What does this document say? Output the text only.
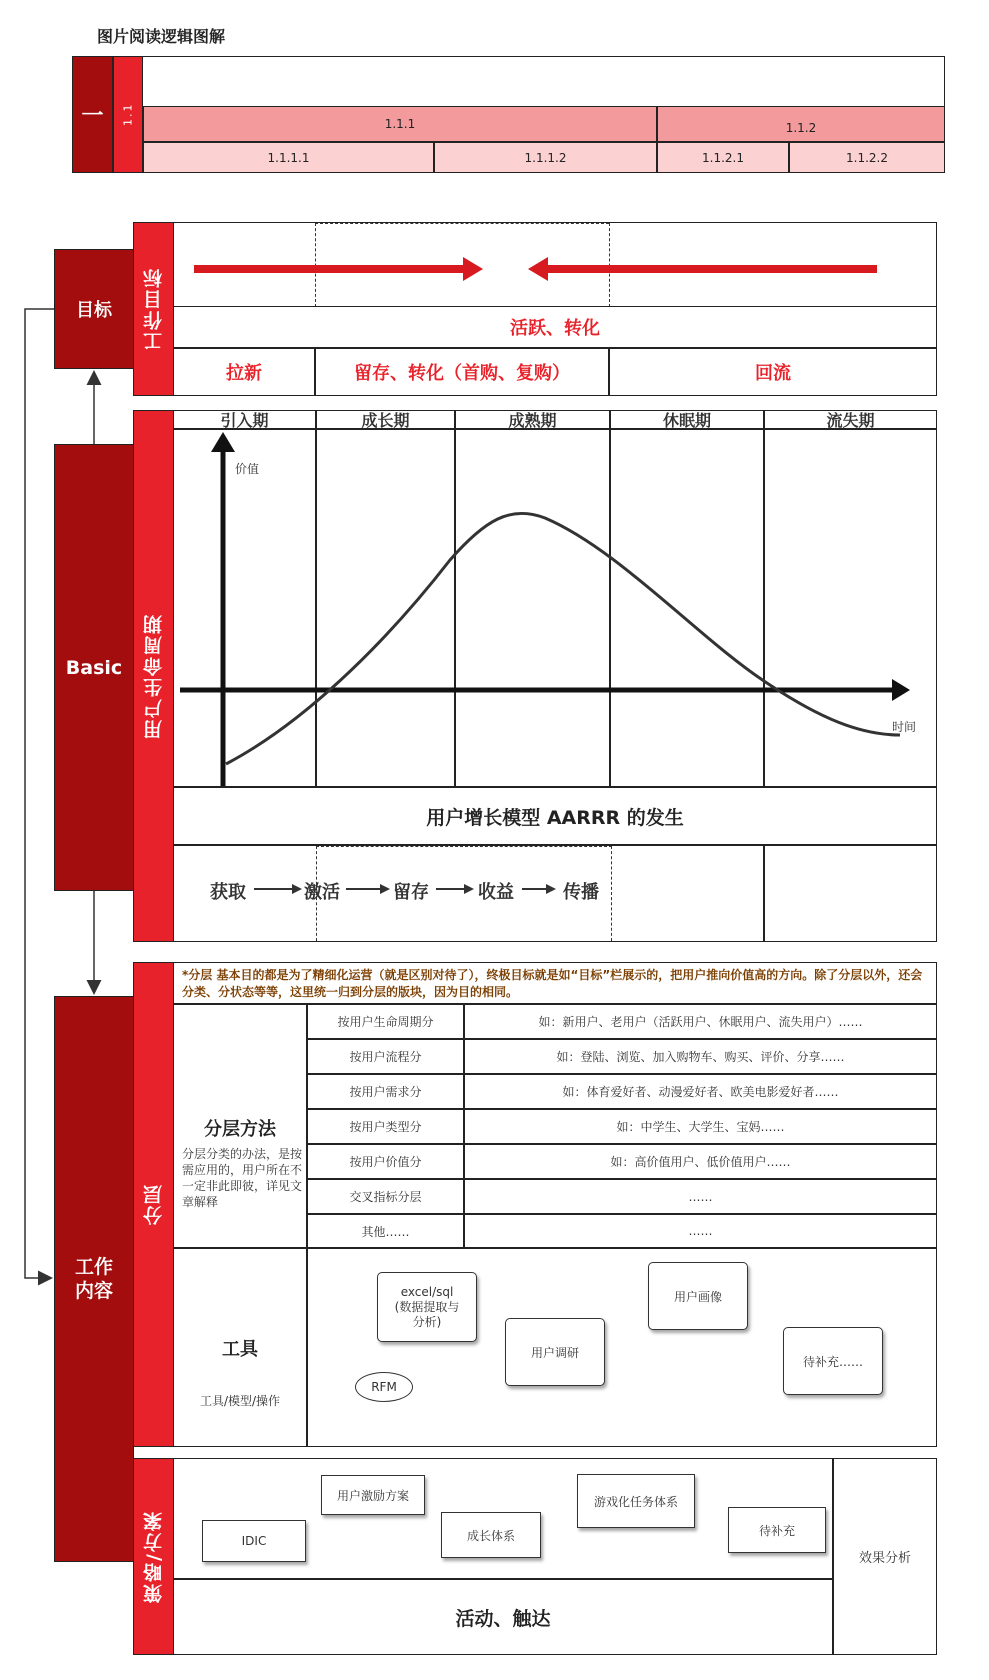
图片阅读逻辑图解
一	1.1	1.1.1	1.1.2
1.1.1.1	1.1.1.2	1.1.2.1	1.1.2.2
目标
Basic
工作
内容
工作目标	活跃、转化
拉新	留存、转化（首购、复购）	回流
用户生命周期
引入期	成长期	成熟期	休眠期	流失期
价值
时间
用户增长模型 AARRR 的发生
获取	激活	留存	收益	传播
分层
*分层 基本目的都是为了精细化运营（就是区别对待了），终极目标就是如“目标”栏展示的，把用户推向价值高的方向。除了分层以外，还会分类、分状态等等，这里统一归到分层的版块，因为目的相同。
分层方法
分层分类的办法，是按需应用的，用户所在不一定非此即彼，详见文章解释
按用户生命周期分	如：新用户、老用户（活跃用户、休眠用户、流失用户）……
按用户流程分	如：登陆、浏览、加入购物车、购买、评价、分享……
按用户需求分	如：体育爱好者、动漫爱好者、欧美电影爱好者……
按用户类型分	如：中学生、大学生、宝妈……
按用户价值分	如：高价值用户、低价值用户……
交叉指标分层	……
其他……	……
工具
工具/模型/操作
excel/sql
(数据提取与
分析)
RFM
用户调研
用户画像
待补充……
策略/方案	效果分析
活动、触达
IDIC
用户激励方案
成长体系
游戏化任务体系
待补充
